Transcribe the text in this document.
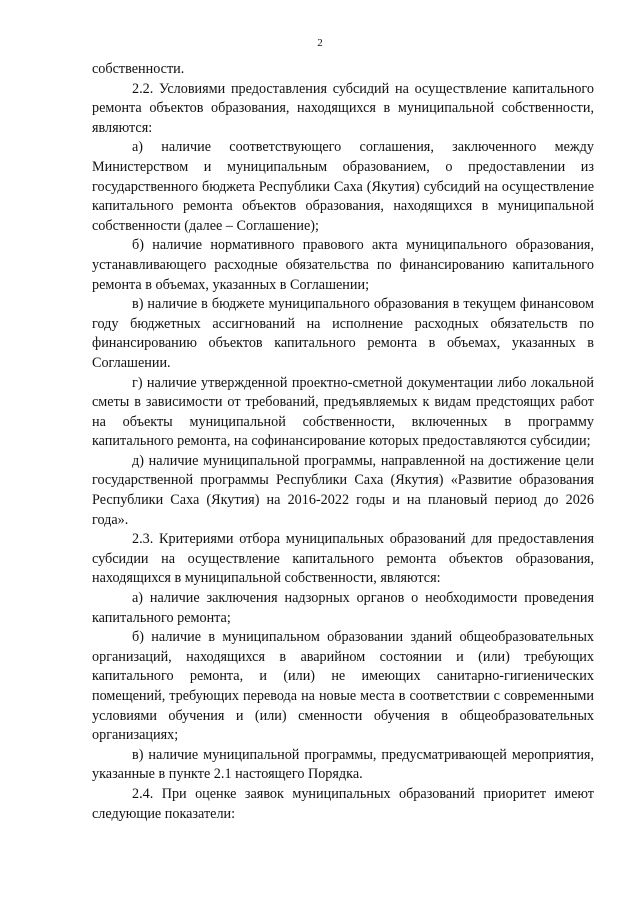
2

собственности.

2.2. Условиями предоставления субсидий на осуществление капитального ремонта объектов образования, находящихся в муниципальной собственности, являются:

а) наличие соответствующего соглашения, заключенного между Министерством и муниципальным образованием, о предоставлении из государственного бюджета Республики Саха (Якутия) субсидий на осуществление капитального ремонта объектов образования, находящихся в муниципальной собственности (далее – Соглашение);

б) наличие нормативного правового акта муниципального образования, устанавливающего расходные обязательства по финансированию капитального ремонта в объемах, указанных в Соглашении;

в) наличие в бюджете муниципального образования в текущем финансовом году бюджетных ассигнований на исполнение расходных обязательств по финансированию объектов капитального ремонта в объемах, указанных в Соглашении.

г) наличие утвержденной проектно-сметной документации либо локальной сметы в зависимости от требований, предъявляемых к видам предстоящих работ на объекты муниципальной собственности, включенных в программу капитального ремонта, на софинансирование которых предоставляются субсидии;

д) наличие муниципальной программы, направленной на достижение цели государственной программы Республики Саха (Якутия) «Развитие образования Республики Саха (Якутия) на 2016-2022 годы и на плановый период до 2026 года».

2.3. Критериями отбора муниципальных образований для предоставления субсидии на осуществление капитального ремонта объектов образования, находящихся в муниципальной собственности, являются:

а) наличие заключения надзорных органов о необходимости проведения капитального ремонта;

б) наличие в муниципальном образовании зданий общеобразовательных организаций, находящихся в аварийном состоянии и (или) требующих капитального ремонта, и (или) не имеющих санитарно-гигиенических помещений, требующих перевода на новые места в соответствии с современными условиями обучения и (или) сменности обучения в общеобразовательных организациях;

в) наличие муниципальной программы, предусматривающей мероприятия, указанные в пункте 2.1 настоящего Порядка.

2.4. При оценке заявок муниципальных образований приоритет имеют следующие показатели:
